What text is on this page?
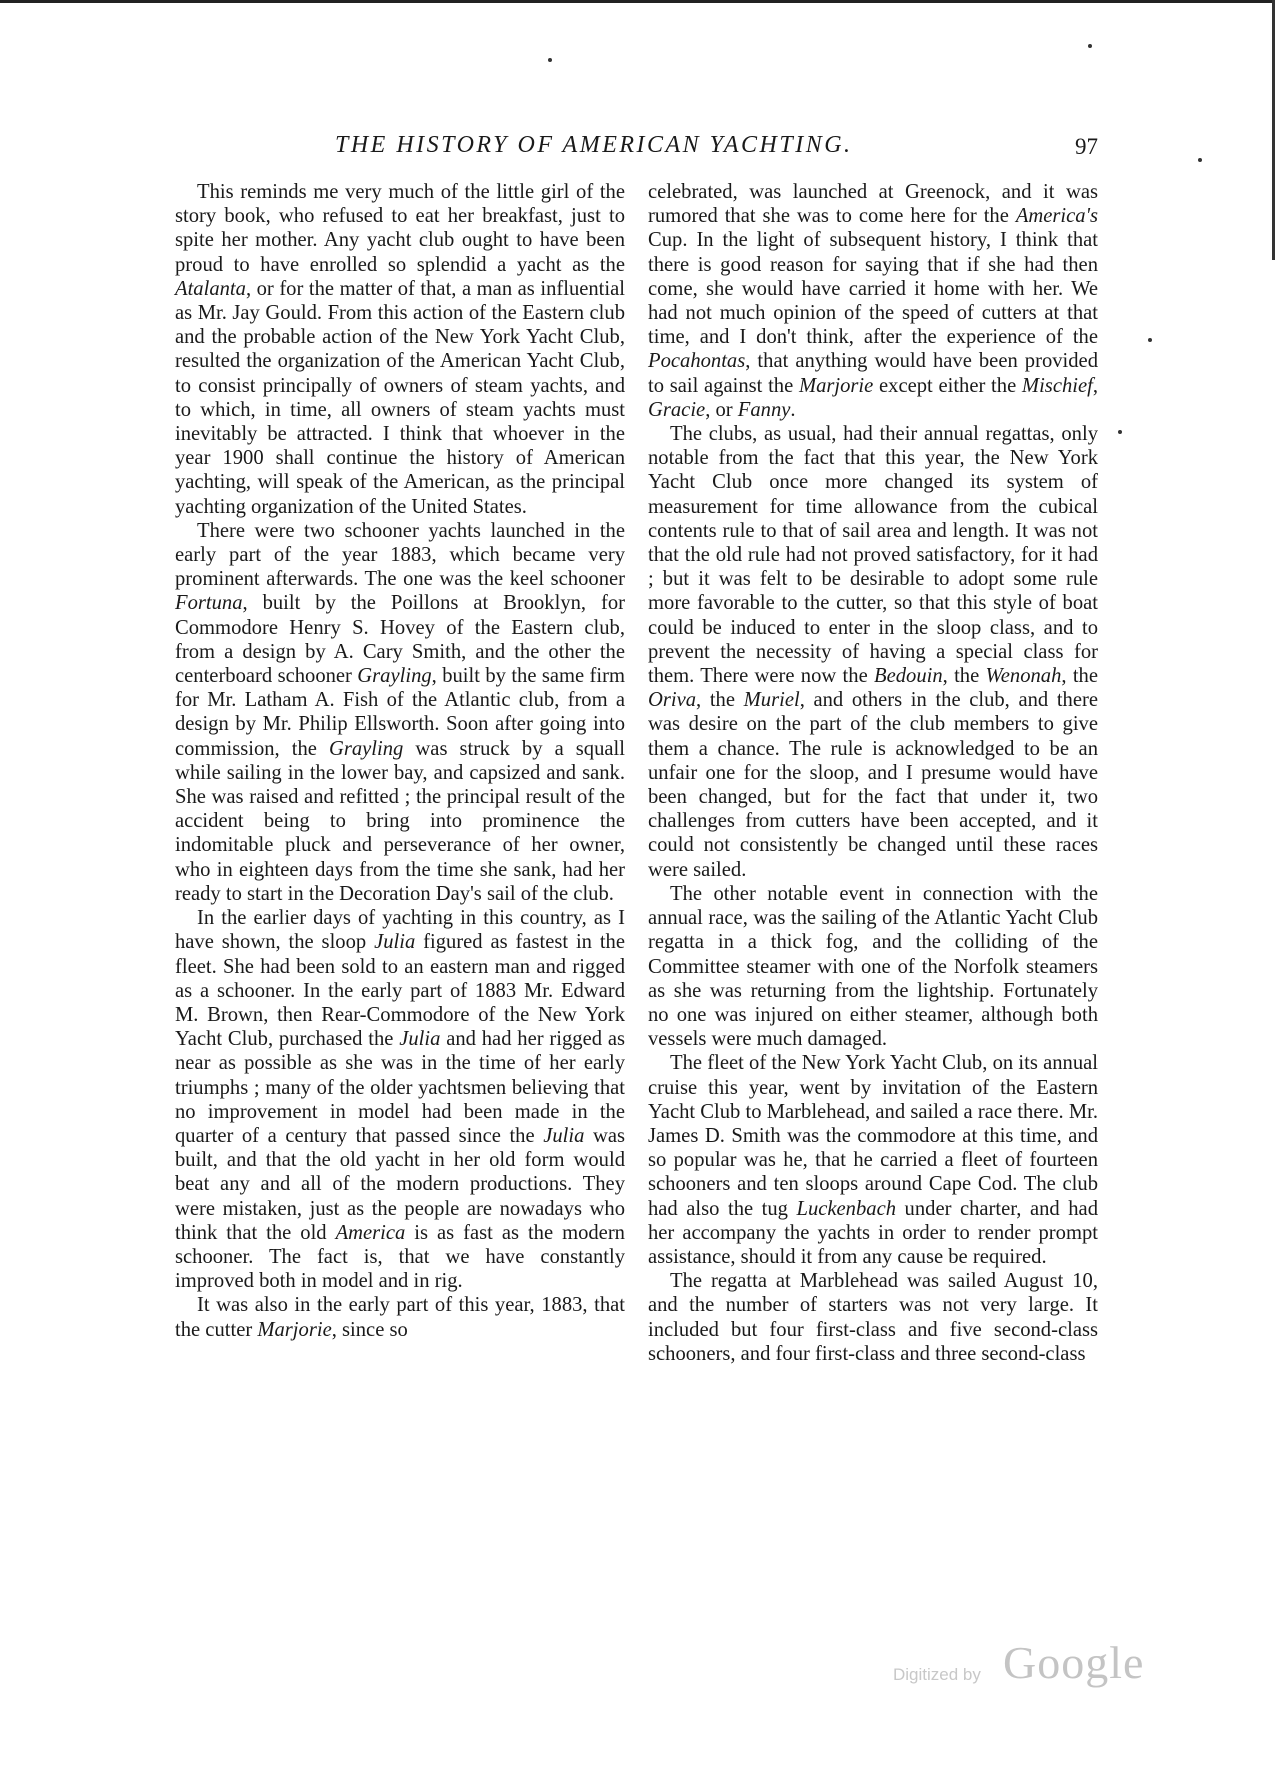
THE HISTORY OF AMERICAN YACHTING.	97

This reminds me very much of the little girl of the story book, who refused to eat her breakfast, just to spite her mother. Any yacht club ought to have been proud to have enrolled so splendid a yacht as the Atalanta, or for the matter of that, a man as influential as Mr. Jay Gould. From this action of the Eastern club and the probable action of the New York Yacht Club, resulted the organization of the American Yacht Club, to consist principally of owners of steam yachts, and to which, in time, all owners of steam yachts must inevitably be attracted. I think that whoever in the year 1900 shall continue the history of American yachting, will speak of the American, as the principal yachting organization of the United States.

There were two schooner yachts launched in the early part of the year 1883, which became very prominent afterwards. The one was the keel schooner Fortuna, built by the Poillons at Brooklyn, for Commodore Henry S. Hovey of the Eastern club, from a design by A. Cary Smith, and the other the centerboard schooner Grayling, built by the same firm for Mr. Latham A. Fish of the Atlantic club, from a design by Mr. Philip Ellsworth. Soon after going into commission, the Grayling was struck by a squall while sailing in the lower bay, and capsized and sank. She was raised and refitted ; the principal result of the accident being to bring into prominence the indomitable pluck and perseverance of her owner, who in eighteen days from the time she sank, had her ready to start in the Decoration Day's sail of the club.

In the earlier days of yachting in this country, as I have shown, the sloop Julia figured as fastest in the fleet. She had been sold to an eastern man and rigged as a schooner. In the early part of 1883 Mr. Edward M. Brown, then Rear-Commodore of the New York Yacht Club, purchased the Julia and had her rigged as near as possible as she was in the time of her early triumphs ; many of the older yachtsmen believing that no improvement in model had been made in the quarter of a century that passed since the Julia was built, and that the old yacht in her old form would beat any and all of the modern productions. They were mistaken, just as the people are nowadays who think that the old America is as fast as the modern schooner. The fact is, that we have constantly improved both in model and in rig.

It was also in the early part of this year, 1883, that the cutter Marjorie, since so

celebrated, was launched at Greenock, and it was rumored that she was to come here for the America's Cup. In the light of subsequent history, I think that there is good reason for saying that if she had then come, she would have carried it home with her. We had not much opinion of the speed of cutters at that time, and I don't think, after the experience of the Pocahontas, that anything would have been provided to sail against the Marjorie except either the Mischief, Gracie, or Fanny.

The clubs, as usual, had their annual regattas, only notable from the fact that this year, the New York Yacht Club once more changed its system of measurement for time allowance from the cubical contents rule to that of sail area and length. It was not that the old rule had not proved satisfactory, for it had ; but it was felt to be desirable to adopt some rule more favorable to the cutter, so that this style of boat could be induced to enter in the sloop class, and to prevent the necessity of having a special class for them. There were now the Bedouin, the Wenonah, the Oriva, the Muriel, and others in the club, and there was desire on the part of the club members to give them a chance. The rule is acknowledged to be an unfair one for the sloop, and I presume would have been changed, but for the fact that under it, two challenges from cutters have been accepted, and it could not consistently be changed until these races were sailed.

The other notable event in connection with the annual race, was the sailing of the Atlantic Yacht Club regatta in a thick fog, and the colliding of the Committee steamer with one of the Norfolk steamers as she was returning from the lightship. Fortunately no one was injured on either steamer, although both vessels were much damaged.

The fleet of the New York Yacht Club, on its annual cruise this year, went by invitation of the Eastern Yacht Club to Marblehead, and sailed a race there. Mr. James D. Smith was the commodore at this time, and so popular was he, that he carried a fleet of fourteen schooners and ten sloops around Cape Cod. The club had also the tug Luckenbach under charter, and had her accompany the yachts in order to render prompt assistance, should it from any cause be required.

The regatta at Marblehead was sailed August 10, and the number of starters was not very large. It included but four first-class and five second-class schooners, and four first-class and three second-class

Digitized by Google
